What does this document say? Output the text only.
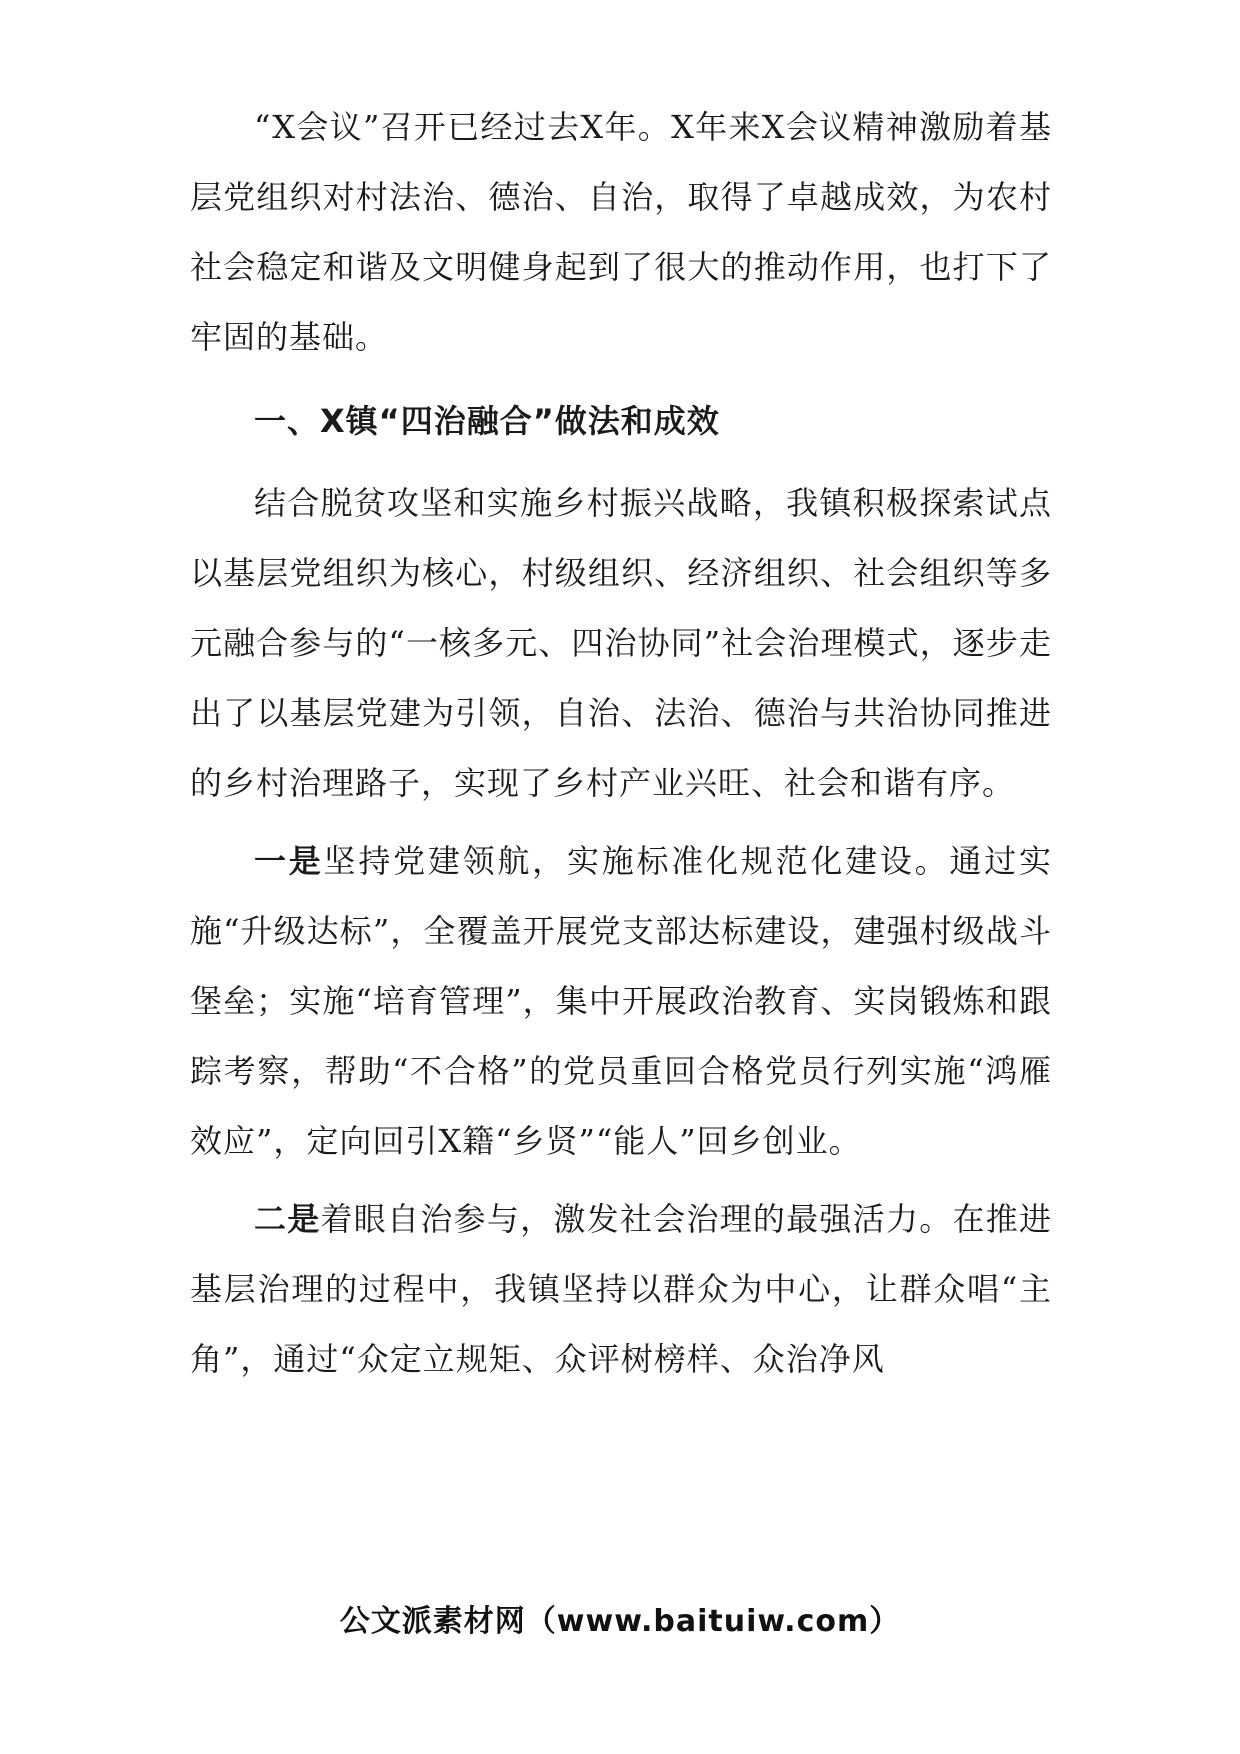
“X会议”召开已经过去X年。X年来X会议精神激励着基层党组织对村法治、德治、自治，取得了卓越成效，为农村社会稳定和谐及文明健身起到了很大的推动作用，也打下了牢固的基础。

一、X镇“四治融合”做法和成效

结合脱贫攻坚和实施乡村振兴战略，我镇积极探索试点以基层党组织为核心，村级组织、经济组织、社会组织等多元融合参与的“一核多元、四治协同”社会治理模式，逐步走出了以基层党建为引领，自治、法治、德治与共治协同推进的乡村治理路子，实现了乡村产业兴旺、社会和谐有序。

一是坚持党建领航，实施标准化规范化建设。通过实施“升级达标”，全覆盖开展党支部达标建设，建强村级战斗堡垒；实施“培育管理”，集中开展政治教育、实岗锻炼和跟踪考察，帮助“不合格”的党员重回合格党员行列实施“鸿雁效应”，定向回引X籍“乡贤”“能人”回乡创业。

二是着眼自治参与，激发社会治理的最强活力。在推进基层治理的过程中，我镇坚持以群众为中心，让群众唱“主角”，通过“众定立规矩、众评树榜样、众治净风

公文派素材网（www.baituiw.com）
